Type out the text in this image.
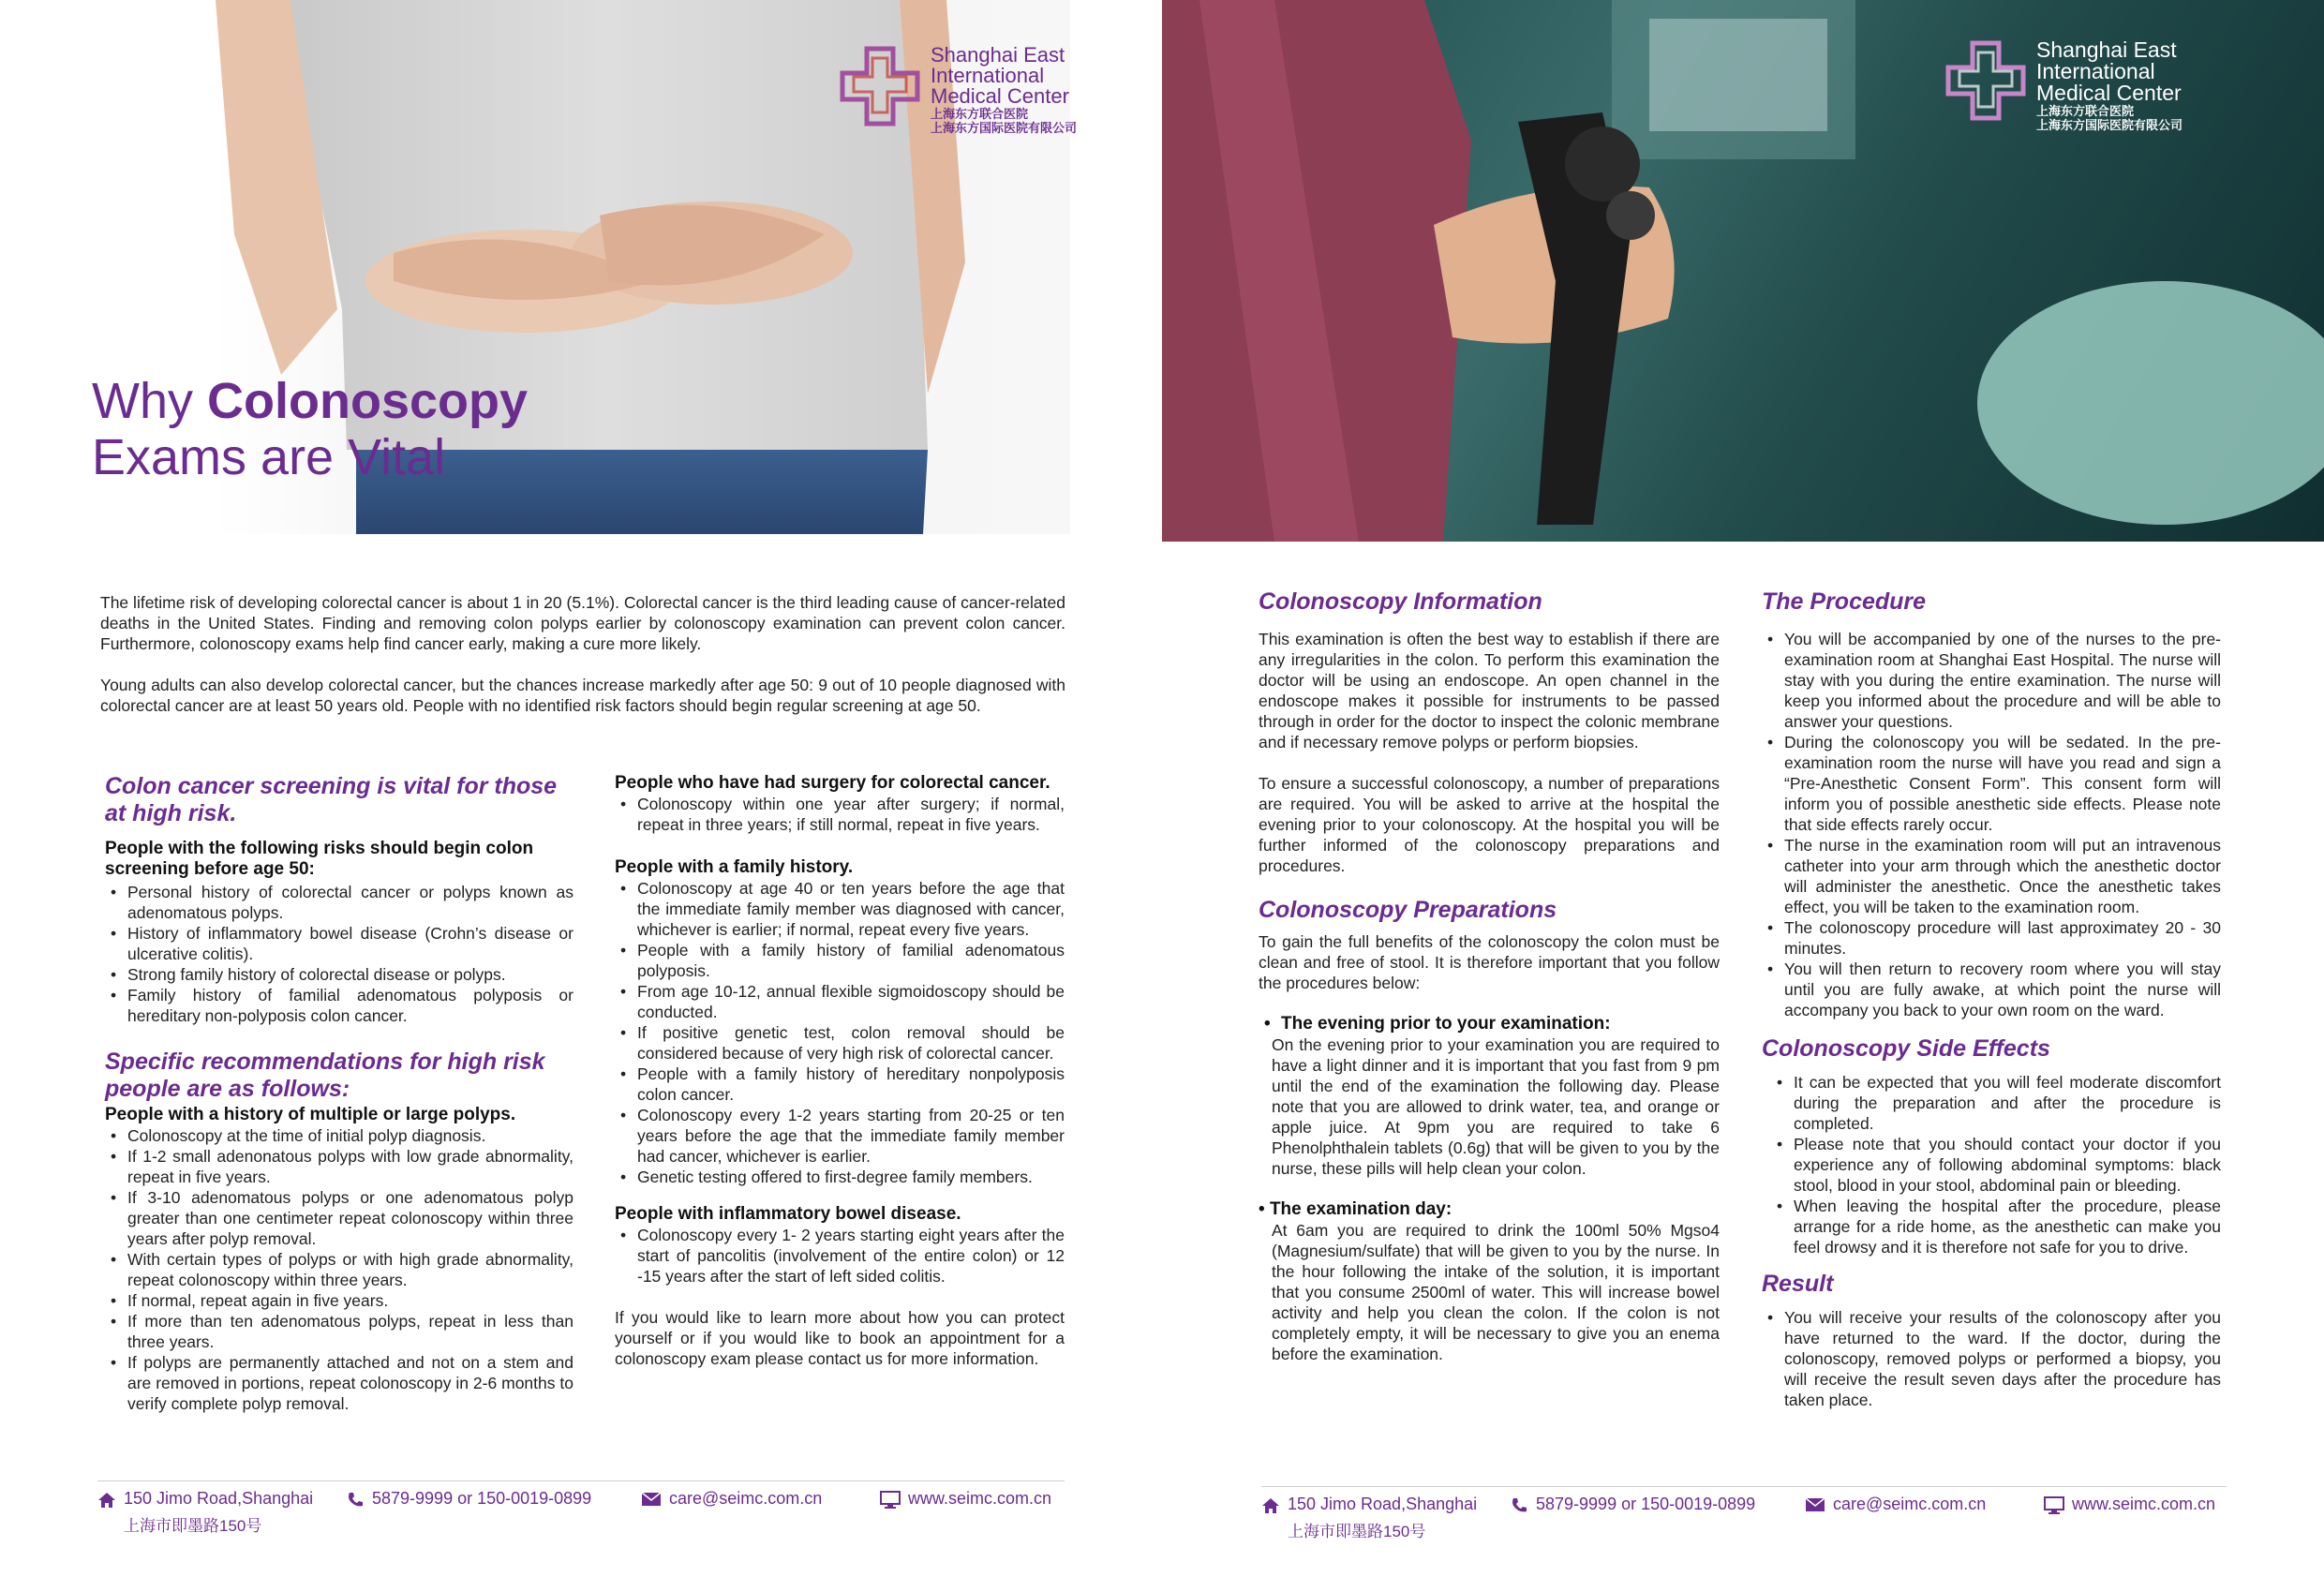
Shanghai East
International
Medical Center
上海东方联合医院
上海东方国际医院有限公司
Shanghai East
International
Medical Center
上海东方联合医院
上海东方国际医院有限公司
Why Colonoscopy
Exams are Vital

The lifetime risk of developing colorectal cancer is about 1 in 20 (5.1%). Colorectal cancer is the third leading cause of cancer-related deaths in the United States. Finding and removing colon polyps earlier by colonoscopy examination can prevent colon cancer. Furthermore, colonoscopy exams help find cancer early, making a cure more likely.

Young adults can also develop colorectal cancer, but the chances increase markedly after age 50: 9 out of 10 people diagnosed with colorectal cancer are at least 50 years old. People with no identified risk factors should begin regular screening at age 50.

Colon cancer screening is vital for those at high risk.
People with the following risks should begin colon screening before age 50:
• Personal history of colorectal cancer or polyps known as adenomatous polyps.
• History of inflammatory bowel disease (Crohn’s disease or ulcerative colitis).
• Strong family history of colorectal disease or polyps.
• Family history of familial adenomatous polyposis or hereditary non-polyposis colon cancer.
Specific recommendations for high risk people are as follows:
People with a history of multiple or large polyps.
• Colonoscopy at the time of initial polyp diagnosis.
• If 1-2 small adenonatous polyps with low grade abnormality, repeat in five years.
• If 3-10 adenomatous polyps or one adenomatous polyp greater than one centimeter repeat colonoscopy within three years after polyp removal.
• With certain types of polyps or with high grade abnormality, repeat colonoscopy within three years.
• If normal, repeat again in five years.
• If more than ten adenomatous polyps, repeat in less than three years.
• If polyps are permanently attached and not on a stem and are removed in portions, repeat colonoscopy in 2-6 months to verify complete polyp removal.
People who have had surgery for colorectal cancer.
• Colonoscopy within one year after surgery; if normal, repeat in three years; if still normal, repeat in five years.
People with a family history.
• Colonoscopy at age 40 or ten years before the age that the immediate family member was diagnosed with cancer, whichever is earlier; if normal, repeat every five years.
• People with a family history of familial adenomatous polyposis.
• From age 10-12, annual flexible sigmoidoscopy should be conducted.
• If positive genetic test, colon removal should be considered because of very high risk of colorectal cancer.
• People with a family history of hereditary nonpolyposis colon cancer.
• Colonoscopy every 1-2 years starting from 20-25 or ten years before the age that the immediate family member had cancer, whichever is earlier.
• Genetic testing offered to first-degree family members.
People with inflammatory bowel disease.
• Colonoscopy every 1- 2 years starting eight years after the start of pancolitis (involvement of the entire colon) or 12 -15 years after the start of left sided colitis.

If you would like to learn more about how you can protect yourself or if you would like to book an appointment for a colonoscopy exam please contact us for more information.

Colonoscopy Information

This examination is often the best way to establish if there are any irregularities in the colon. To perform this examination the doctor will be using an endoscope. An open channel in the endoscope makes it possible for instruments to be passed through in order for the doctor to inspect the colonic membrane and if necessary remove polyps or perform biopsies.

To ensure a successful colonoscopy, a number of preparations are required. You will be asked to arrive at the hospital the evening prior to your colonoscopy. At the hospital you will be further informed of the colonoscopy preparations and procedures.

Colonoscopy Preparations

To gain the full benefits of the colonoscopy the colon must be clean and free of stool. It is therefore important that you follow the procedures below:

• The evening prior to your examination:

On the evening prior to your examination you are required to have a light dinner and it is important that you fast from 9 pm until the end of the examination the following day. Please note that you are allowed to drink water, tea, and orange or apple juice. At 9pm you are required to take 6 Phenolphthalein tablets (0.6g) that will be given to you by the nurse, these pills will help clean your colon.

• The examination day:

At 6am you are required to drink the 100ml 50% Mgso4 (Magnesium/sulfate) that will be given to you by the nurse. In the hour following the intake of the solution, it is important that you consume 2500ml of water. This will increase bowel activity and help you clean the colon. If the colon is not completely empty, it will be necessary to give you an enema before the examination.

The Procedure
• You will be accompanied by one of the nurses to the pre-examination room at Shanghai East Hospital. The nurse will stay with you during the entire examination. The nurse will keep you informed about the procedure and will be able to answer your questions.
• During the colonoscopy you will be sedated. In the pre-examination room the nurse will have you read and sign a “Pre-Anesthetic Consent Form”. This consent form will inform you of possible anesthetic side effects. Please note that side effects rarely occur.
• The nurse in the examination room will put an intravenous catheter into your arm through which the anesthetic doctor will administer the anesthetic. Once the anesthetic takes effect, you will be taken to the examination room.
• The colonoscopy procedure will last approximatey 20 - 30 minutes.
• You will then return to recovery room where you will stay until you are fully awake, at which point the nurse will accompany you back to your own room on the ward.
Colonoscopy Side Effects
• It can be expected that you will feel moderate discomfort during the preparation and after the procedure is completed.
• Please note that you should contact your doctor if you experience any of following abdominal symptoms: black stool, blood in your stool, abdominal pain or bleeding.
• When leaving the hospital after the procedure, please arrange for a ride home, as the anesthetic can make you feel drowsy and it is therefore not safe for you to drive.
Result
• You will receive your results of the colonoscopy after you have returned to the ward. If the doctor, during the colonoscopy, removed polyps or performed a biopsy, you will receive the result seven days after the procedure has taken place.
150 Jimo Road,Shanghai
上海市即墨路150号
5879-9999 or 150-0019-0899	care@seimc.com.cn	www.seimc.com.cn	150 Jimo Road,Shanghai
上海市即墨路150号
5879-9999 or 150-0019-0899	care@seimc.com.cn	www.seimc.com.cn
